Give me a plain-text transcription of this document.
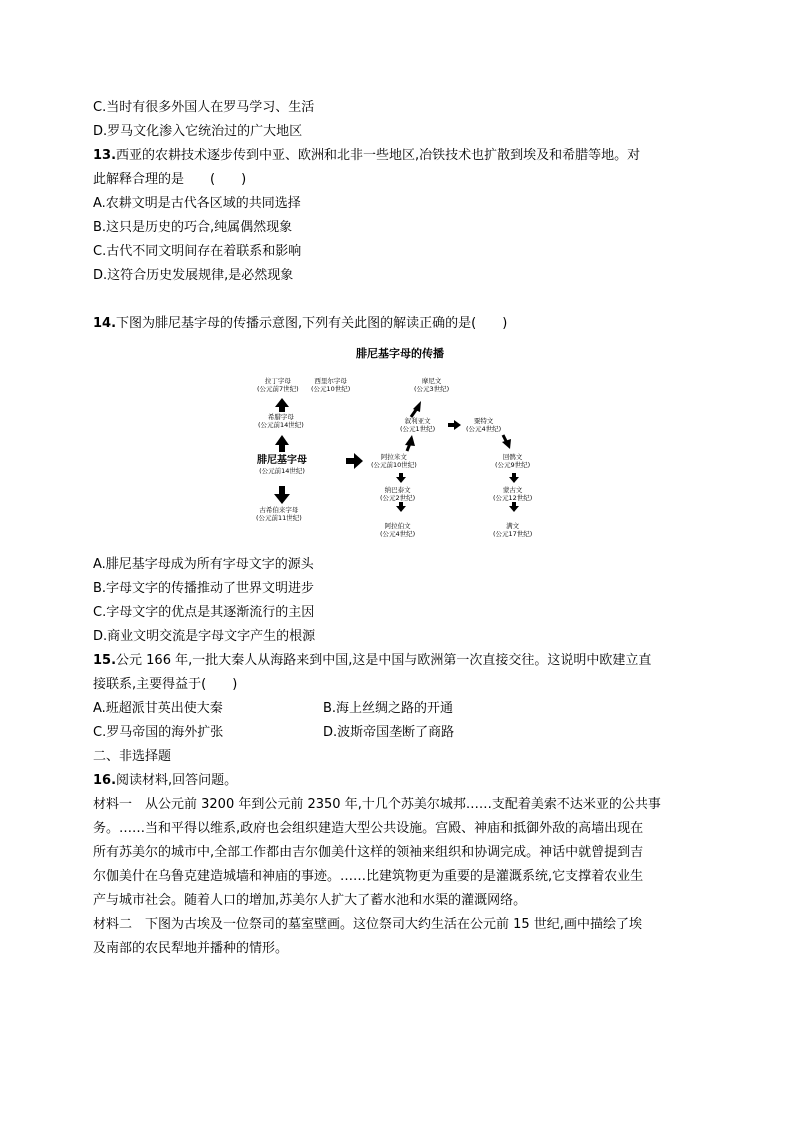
C.当时有很多外国人在罗马学习、生活
D.罗马文化渗入它统治过的广大地区
13.西亚的农耕技术逐步传到中亚、欧洲和北非一些地区,冶铁技术也扩散到埃及和希腊等地。对
此解释合理的是　　(　　)
A.农耕文明是古代各区域的共同选择
B.这只是历史的巧合,纯属偶然现象
C.古代不同文明间存在着联系和影响
D.这符合历史发展规律,是必然现象
14.下图为腓尼基字母的传播示意图,下列有关此图的解读正确的是(　　)
腓尼基字母的传播
拉丁字母
(公元前7世纪)
西里尔字母
(公元10世纪)
希腊字母
(公元前14世纪)
腓尼基字母
(公元前14世纪)
古希伯来字母
(公元前11世纪)
摩尼文
(公元3世纪)
叙利亚文
(公元1世纪)
粟特文
(公元4世纪)
阿拉米文
(公元前10世纪)
回鹘文
(公元9世纪)
纳巴泰文
(公元2世纪)
蒙古文
(公元12世纪)
阿拉伯文
(公元4世纪)
满文
(公元17世纪)
A.腓尼基字母成为所有字母文字的源头
B.字母文字的传播推动了世界文明进步
C.字母文字的优点是其逐渐流行的主因
D.商业文明交流是字母文字产生的根源
15.公元 166 年,一批大秦人从海路来到中国,这是中国与欧洲第一次直接交往。这说明中欧建立直
接联系,主要得益于(　　)
A.班超派甘英出使大秦	B.海上丝绸之路的开通
C.罗马帝国的海外扩张	D.波斯帝国垄断了商路
二、非选择题
16.阅读材料,回答问题。
材料一　从公元前 3200 年到公元前 2350 年,十几个苏美尔城邦……支配着美索不达米亚的公共事
务。……当和平得以维系,政府也会组织建造大型公共设施。宫殿、神庙和抵御外敌的高墙出现在
所有苏美尔的城市中,全部工作都由吉尔伽美什这样的领袖来组织和协调完成。神话中就曾提到吉
尔伽美什在乌鲁克建造城墙和神庙的事迹。……比建筑物更为重要的是灌溉系统,它支撑着农业生
产与城市社会。随着人口的增加,苏美尔人扩大了蓄水池和水渠的灌溉网络。
材料二　下图为古埃及一位祭司的墓室壁画。这位祭司大约生活在公元前 15 世纪,画中描绘了埃
及南部的农民犁地并播种的情形。
